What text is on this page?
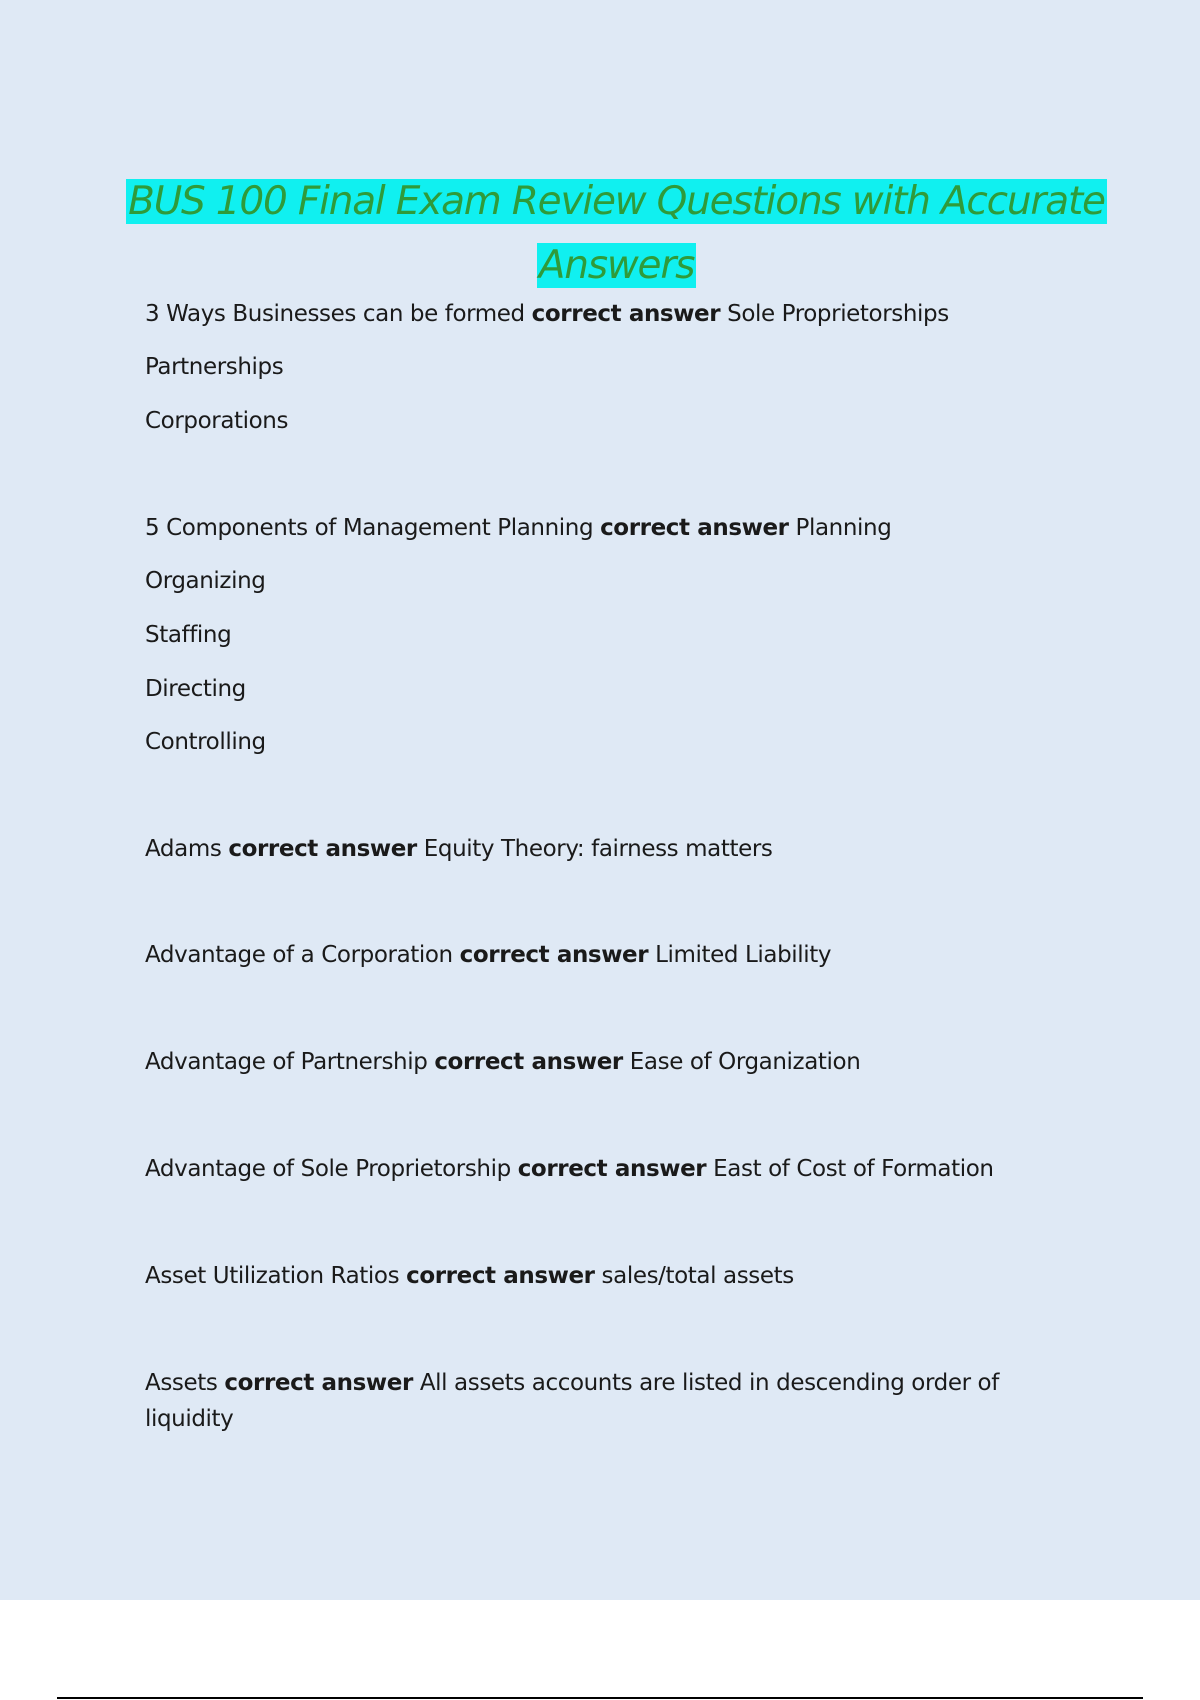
BUS 100 Final Exam Review Questions with Accurate Answers
3 Ways Businesses can be formed correct answer Sole Proprietorships
Partnerships
Corporations
5 Components of Management Planning correct answer Planning
Organizing
Staffing
Directing
Controlling
Adams correct answer Equity Theory: fairness matters
Advantage of a Corporation correct answer Limited Liability
Advantage of Partnership correct answer Ease of Organization
Advantage of Sole Proprietorship correct answer East of Cost of Formation
Asset Utilization Ratios correct answer sales/total assets
Assets correct answer All assets accounts are listed in descending order of liquidity
